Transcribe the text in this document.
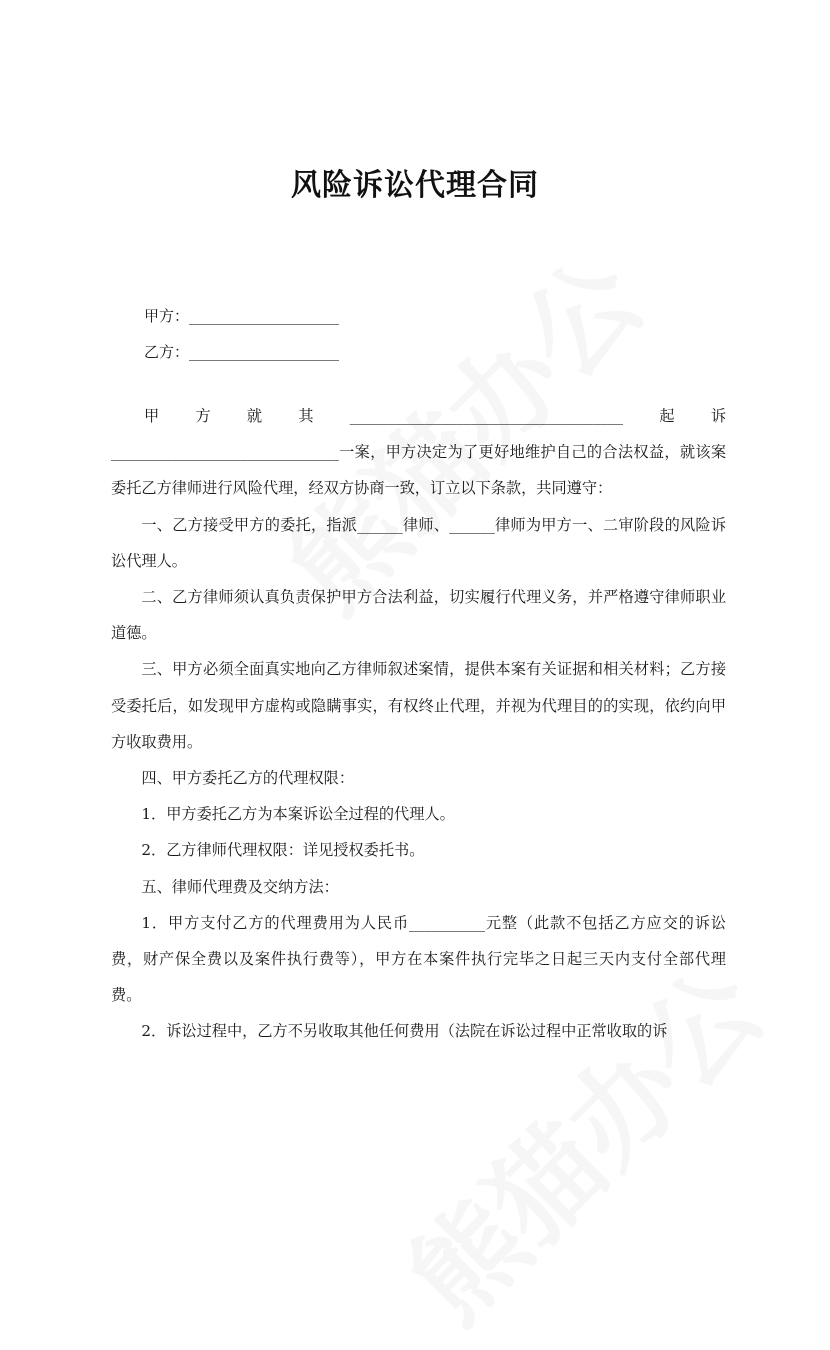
风险诉讼代理合同
甲方：____________________
乙方：____________________
甲 方 就 其 ____________________________________ 起 诉

______________________________一案，甲方决定为了更好地维护自己的合法权益，就该案委托乙方律师进行风险代理，经双方协商一致，订立以下条款，共同遵守：

一、乙方接受甲方的委托，指派______律师、______律师为甲方一、二审阶段的风险诉讼代理人。

二、乙方律师须认真负责保护甲方合法利益，切实履行代理义务，并严格遵守律师职业道德。

三、甲方必须全面真实地向乙方律师叙述案情，提供本案有关证据和相关材料；乙方接受委托后，如发现甲方虚构或隐瞒事实，有权终止代理，并视为代理目的的实现，依约向甲方收取费用。

四、甲方委托乙方的代理权限：

1．甲方委托乙方为本案诉讼全过程的代理人。

2．乙方律师代理权限：详见授权委托书。

五、律师代理费及交纳方法：

1．甲方支付乙方的代理费用为人民币__________元整（此款不包括乙方应交的诉讼费，财产保全费以及案件执行费等），甲方在本案件执行完毕之日起三天内支付全部代理费。

2．诉讼过程中，乙方不另收取其他任何费用（法院在诉讼过程中正常收取的诉
